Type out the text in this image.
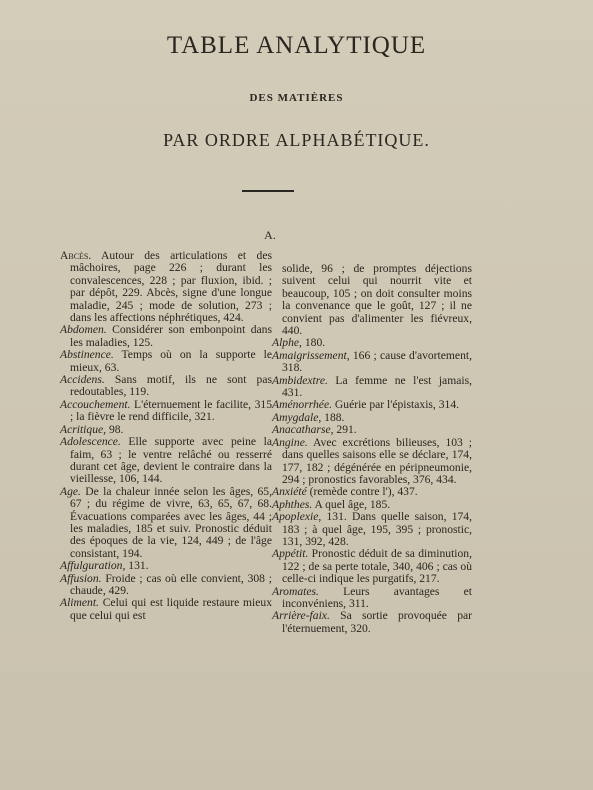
TABLE ANALYTIQUE
DES MATIÈRES
PAR ORDRE ALPHABÉTIQUE.
A.

Abcès. Autour des articulations et des mâchoires, page 226 ; durant les convalescences, 228 ; par fluxion, ibid. ; par dépôt, 229. Abcès, signe d'une longue maladie, 245 ; mode de solution, 273 ; dans les affections néphrétiques, 424.

Abdomen. Considérer son embonpoint dans les maladies, 125.

Abstinence. Temps où on la supporte le mieux, 63.

Accidens. Sans motif, ils ne sont pas redoutables, 119.

Accouchement. L'éternuement le facilite, 315 ; la fièvre le rend difficile, 321.

Acritique, 98.

Adolescence. Elle supporte avec peine la faim, 63 ; le ventre relâché ou resserré durant cet âge, devient le contraire dans la vieillesse, 106, 144.

Age. De la chaleur innée selon les âges, 65, 67 ; du régime de vivre, 63, 65, 67, 68. Évacuations comparées avec les âges, 44 ; les maladies, 185 et suiv. Pronostic déduit des époques de la vie, 124, 449 ; de l'âge consistant, 194.

Affulguration, 131.

Affusion. Froide ; cas où elle convient, 308 ; chaude, 429.

Aliment. Celui qui est liquide restaure mieux que celui qui est

solide, 96 ; de promptes déjections suivent celui qui nourrit vite et beaucoup, 105 ; on doit consulter moins la convenance que le goût, 127 ; il ne convient pas d'alimenter les fiévreux, 440.

Alphe, 180.

Amaigrissement, 166 ; cause d'avortement, 318.

Ambidextre. La femme ne l'est jamais, 431.

Aménorrhée. Guérie par l'épistaxis, 314.

Amygdale, 188.

Anacatharse, 291.

Angine. Avec excrétions bilieuses, 103 ; dans quelles saisons elle se déclare, 174, 177, 182 ; dégénérée en péripneumonie, 294 ; pronostics favorables, 376, 434.

Anxiété (remède contre l'), 437.

Aphthes. A quel âge, 185.

Apoplexie, 131. Dans quelle saison, 174, 183 ; à quel âge, 195, 395 ; pronostic, 131, 392, 428.

Appétit. Pronostic déduit de sa diminution, 122 ; de sa perte totale, 340, 406 ; cas où celle-ci indique les purgatifs, 217.

Aromates. Leurs avantages et inconvéniens, 311.

Arrière-faix. Sa sortie provoquée par l'éternuement, 320.
